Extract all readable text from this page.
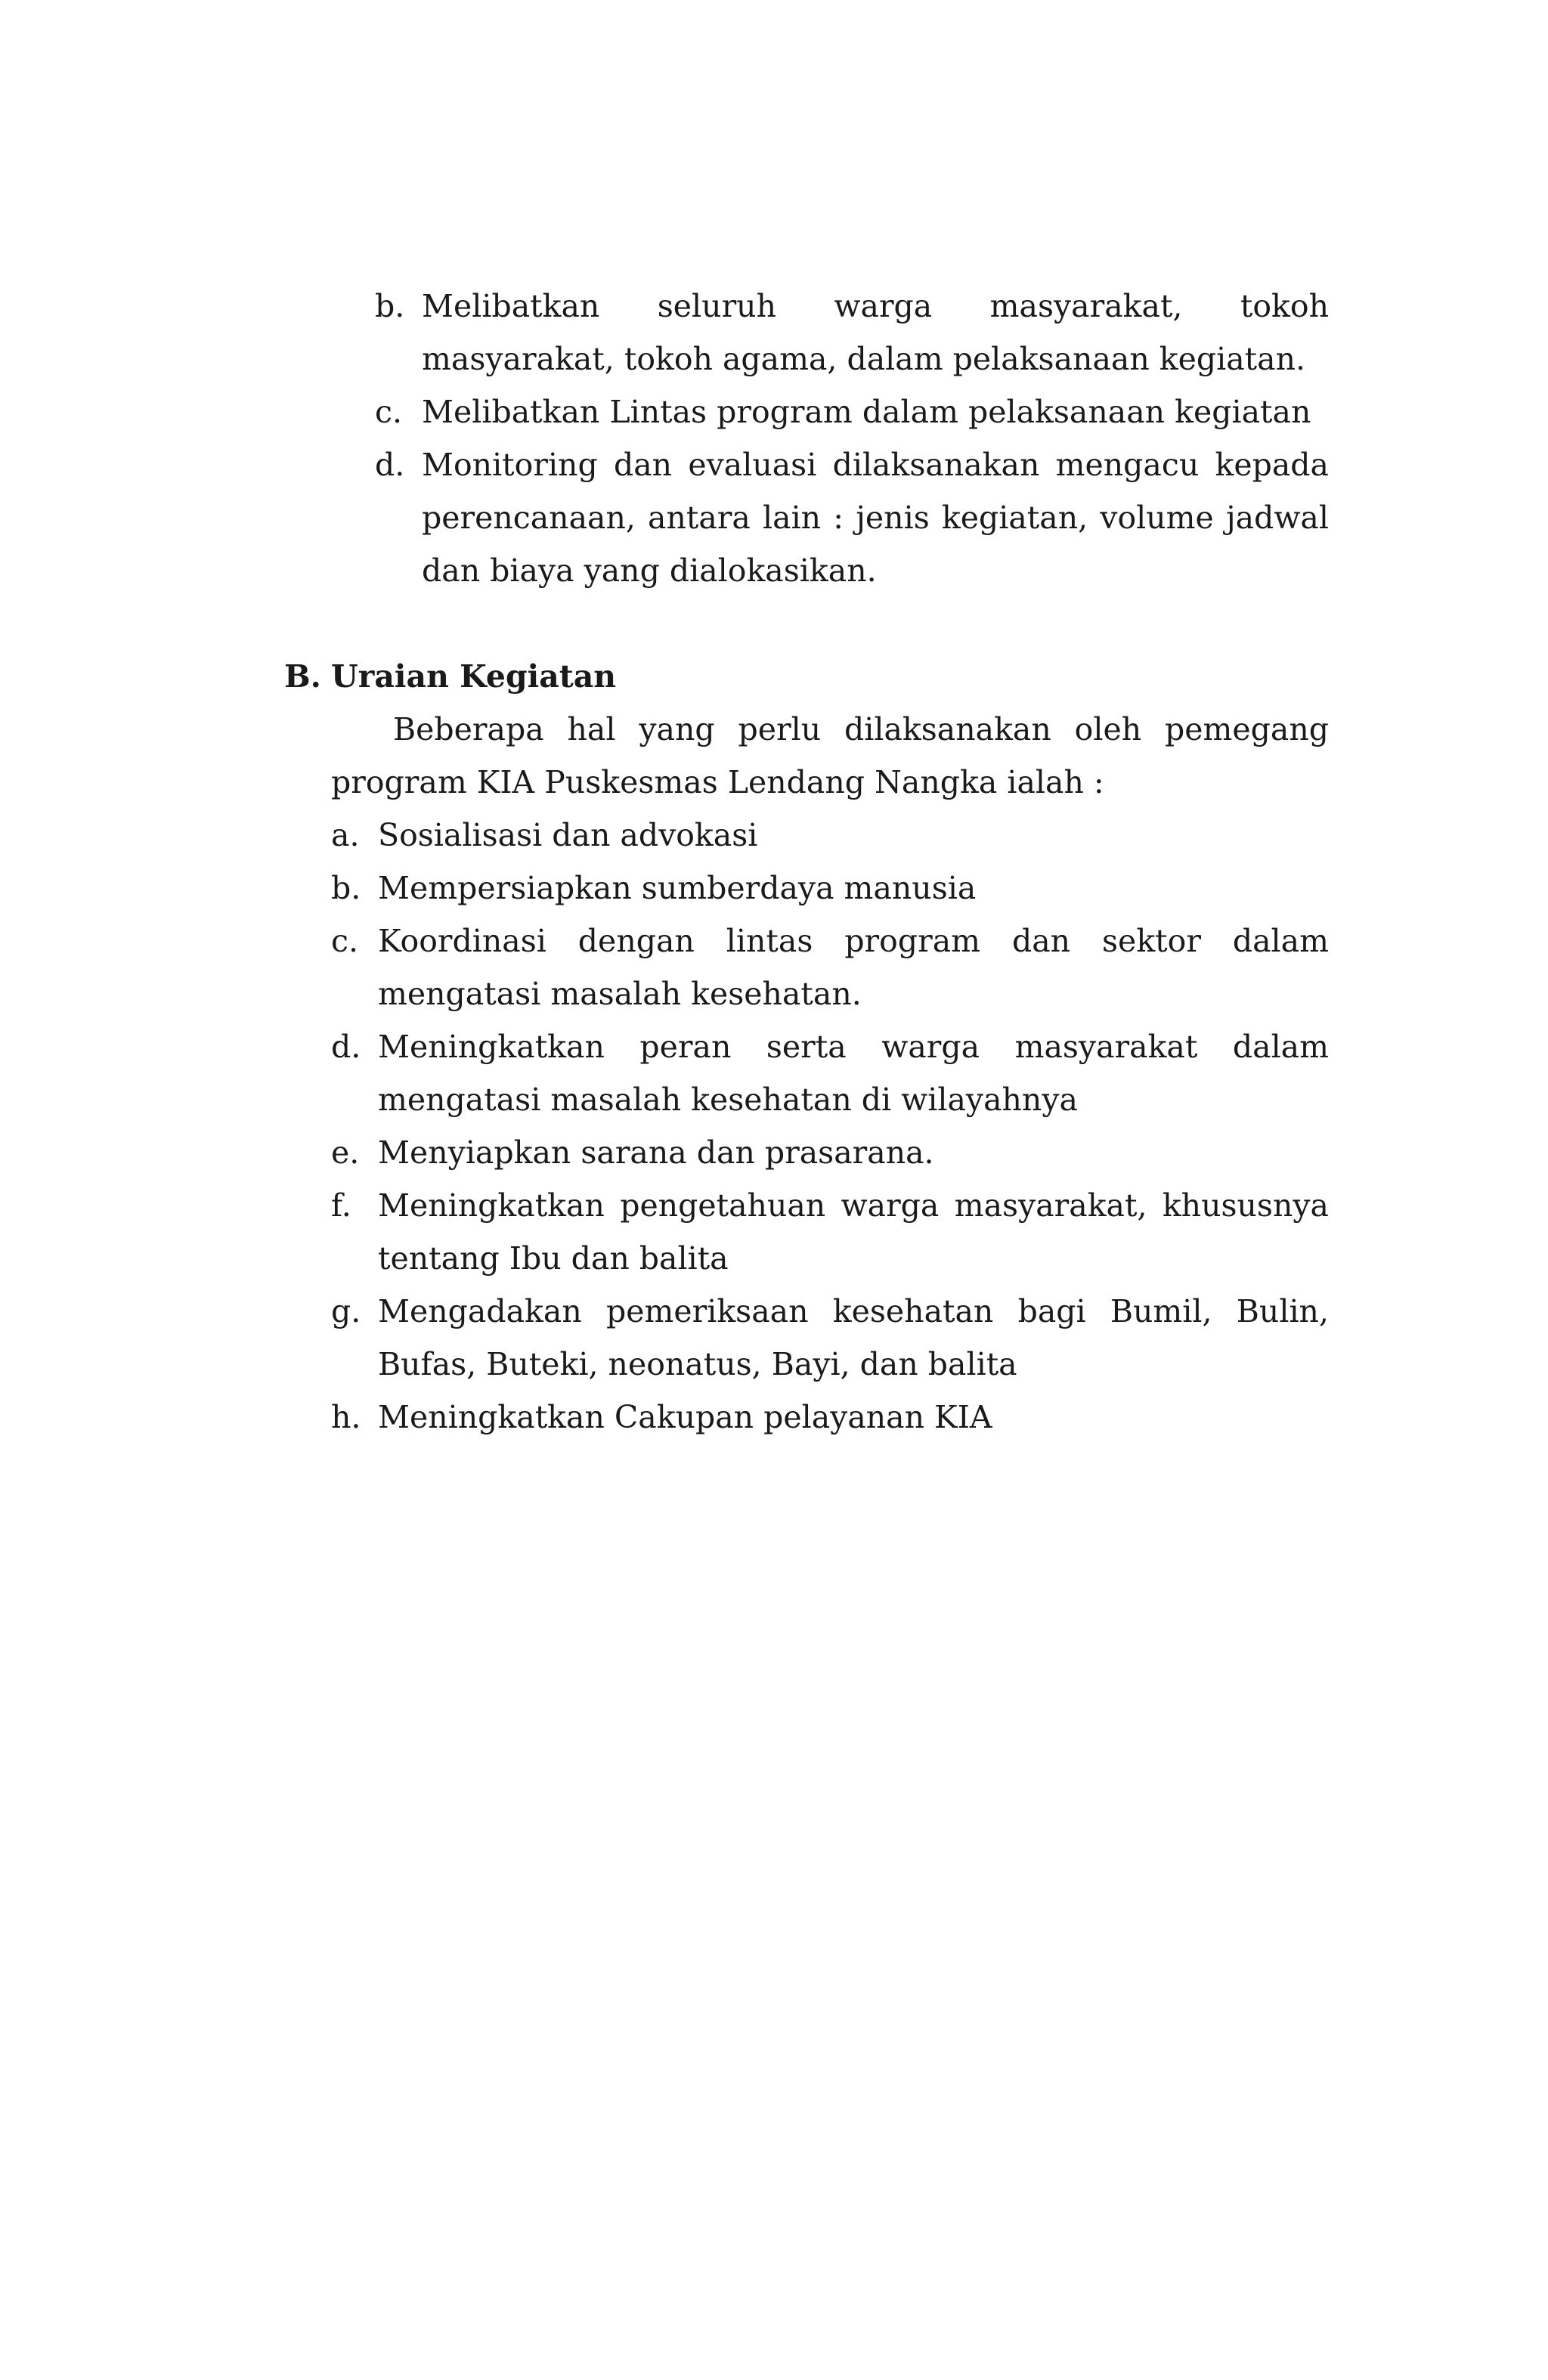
b. Melibatkan seluruh warga masyarakat, tokoh masyarakat, tokoh agama, dalam pelaksanaan kegiatan.
c. Melibatkan Lintas program dalam pelaksanaan kegiatan
d. Monitoring dan evaluasi dilaksanakan mengacu kepada perencanaan, antara lain : jenis kegiatan, volume jadwal dan biaya yang dialokasikan.
B. Uraian Kegiatan
Beberapa hal yang perlu dilaksanakan oleh pemegang program KIA Puskesmas Lendang Nangka ialah :
a. Sosialisasi dan advokasi
b. Mempersiapkan sumberdaya manusia
c. Koordinasi dengan lintas program dan sektor dalam mengatasi masalah kesehatan.
d. Meningkatkan peran serta warga masyarakat dalam mengatasi masalah kesehatan di wilayahnya
e. Menyiapkan sarana dan prasarana.
f. Meningkatkan pengetahuan warga masyarakat, khususnya tentang Ibu dan balita
g. Mengadakan pemeriksaan kesehatan bagi Bumil, Bulin, Bufas, Buteki, neonatus, Bayi, dan balita
h. Meningkatkan Cakupan pelayanan KIA
